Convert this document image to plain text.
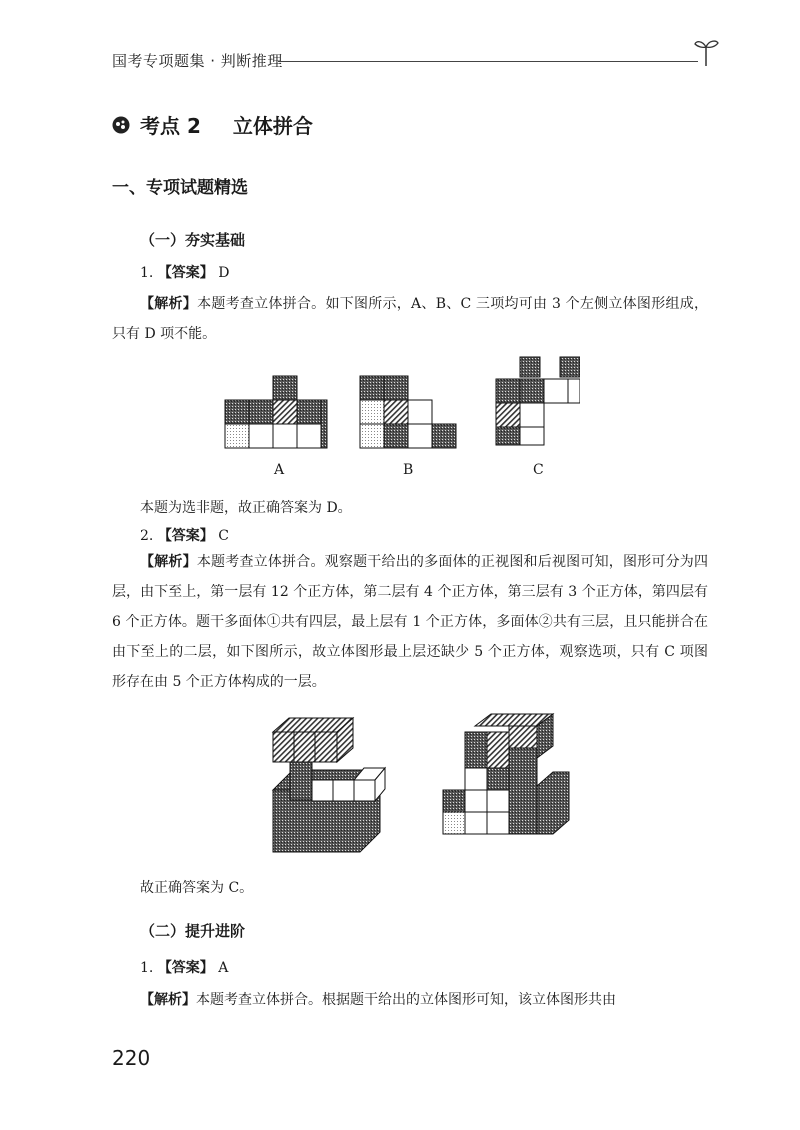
国考专项题集 · 判断推理
考点 2 立体拼合
一、专项试题精选
（一）夯实基础
1. 【答案】 D
【解析】本题考查立体拼合。如下图所示，A、B、C 三项均可由 3 个左侧立体图形组成，只有 D 项不能。
A	B	C
本题为选非题，故正确答案为 D。
2. 【答案】 C
【解析】本题考查立体拼合。观察题干给出的多面体的正视图和后视图可知，图形可分为四层，由下至上，第一层有 12 个正方体，第二层有 4 个正方体，第三层有 3 个正方体，第四层有 6 个正方体。题干多面体①共有四层，最上层有 1 个正方体，多面体②共有三层，且只能拼合在由下至上的二层，如下图所示，故立体图形最上层还缺少 5 个正方体，观察选项，只有 C 项图形存在由 5 个正方体构成的一层。
故正确答案为 C。
（二）提升进阶
1. 【答案】 A
【解析】本题考查立体拼合。根据题干给出的立体图形可知，该立体图形共由
220
